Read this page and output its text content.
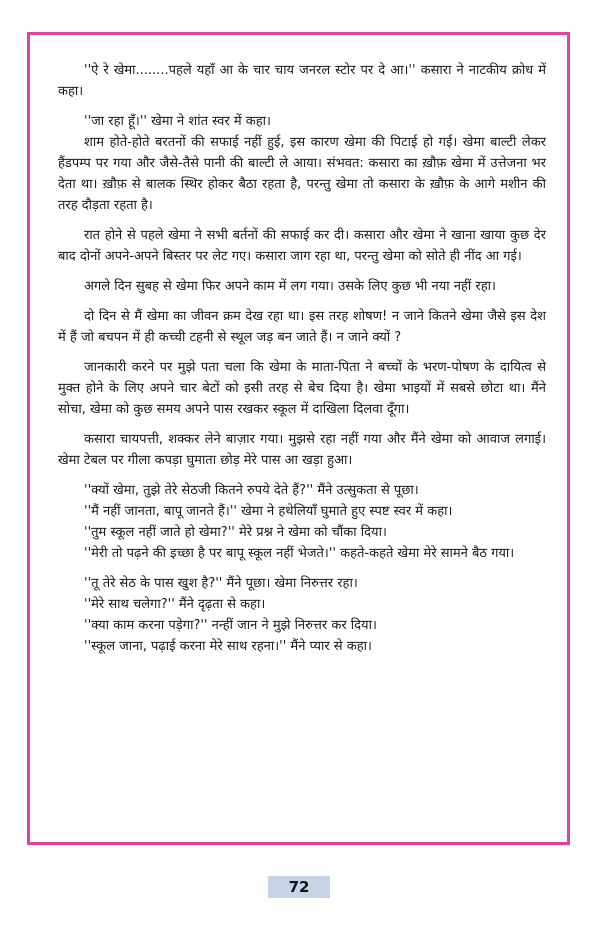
''ऐ रे खेमा........पहले यहाँ आ के चार चाय जनरल स्टोर पर दे आ।'' कसारा ने नाटकीय क्रोध में कहा।

''जा रहा हूँ।'' खेमा ने शांत स्वर में कहा।

शाम होते-होते बरतनों की सफाई नहीं हुई, इस कारण खेमा की पिटाई हो गई। खेमा बाल्टी लेकर हैंडपम्प पर गया और जैसे-तैसे पानी की बाल्टी ले आया। संभवत: कसारा का ख़ौफ़ खेमा में उत्तेजना भर देता था। ख़ौफ़ से बालक स्थिर होकर बैठा रहता है, परन्तु खेमा तो कसारा के ख़ौफ़ के आगे मशीन की तरह दौड़ता रहता है।

रात होने से पहले खेमा ने सभी बर्तनों की सफाई कर दी। कसारा और खेमा ने खाना खाया कुछ देर बाद दोनों अपने-अपने बिस्तर पर लेट गए। कसारा जाग रहा था, परन्तु खेमा को सोते ही नींद आ गई।

अगले दिन सुबह से खेमा फिर अपने काम में लग गया। उसके लिए कुछ भी नया नहीं रहा।

दो दिन से मैं खेमा का जीवन क्रम देख रहा था। इस तरह शोषण! न जाने कितने खेमा जैसे इस देश में हैं जो बचपन में ही कच्ची टहनी से स्थूल जड़ बन जाते हैं। न जाने क्यों ?

जानकारी करने पर मुझे पता चला कि खेमा के माता-पिता ने बच्चों के भरण-पोषण के दायित्व से मुक्त होने के लिए अपने चार बेटों को इसी तरह से बेच दिया है। खेमा भाइयों में सबसे छोटा था। मैंने सोचा, खेमा को कुछ समय अपने पास रखकर स्कूल में दाखिला दिलवा दूँगा।

कसारा चायपत्ती, शक्कर लेने बाज़ार गया। मुझसे रहा नहीं गया और मैंने खेमा को आवाज लगाई। खेमा टेबल पर गीला कपड़ा घुमाता छोड़ मेरे पास आ खड़ा हुआ।

''क्यों खेमा, तुझे तेरे सेठजी कितने रुपये देते हैं?'' मैंने उत्सुकता से पूछा।

''मैं नहीं जानता, बापू जानते हैं।'' खेमा ने हथेलियाँ घुमाते हुए स्पष्ट स्वर में कहा।

''तुम स्कूल नहीं जाते हो खेमा?'' मेरे प्रश्न ने खेमा को चौंका दिया।

''मेरी तो पढ़ने की इच्छा है पर बापू स्कूल नहीं भेजते।'' कहते-कहते खेमा मेरे सामने बैठ गया।

''तू तेरे सेठ के पास खुश है?'' मैंने पूछा। खेमा निरुत्तर रहा।

''मेरे साथ चलेगा?'' मैंने दृढ़ता से कहा।

''क्या काम करना पड़ेगा?'' नन्हीं जान ने मुझे निरुत्तर कर दिया।

''स्कूल जाना, पढ़ाई करना मेरे साथ रहना।'' मैंने प्यार से कहा।

72
